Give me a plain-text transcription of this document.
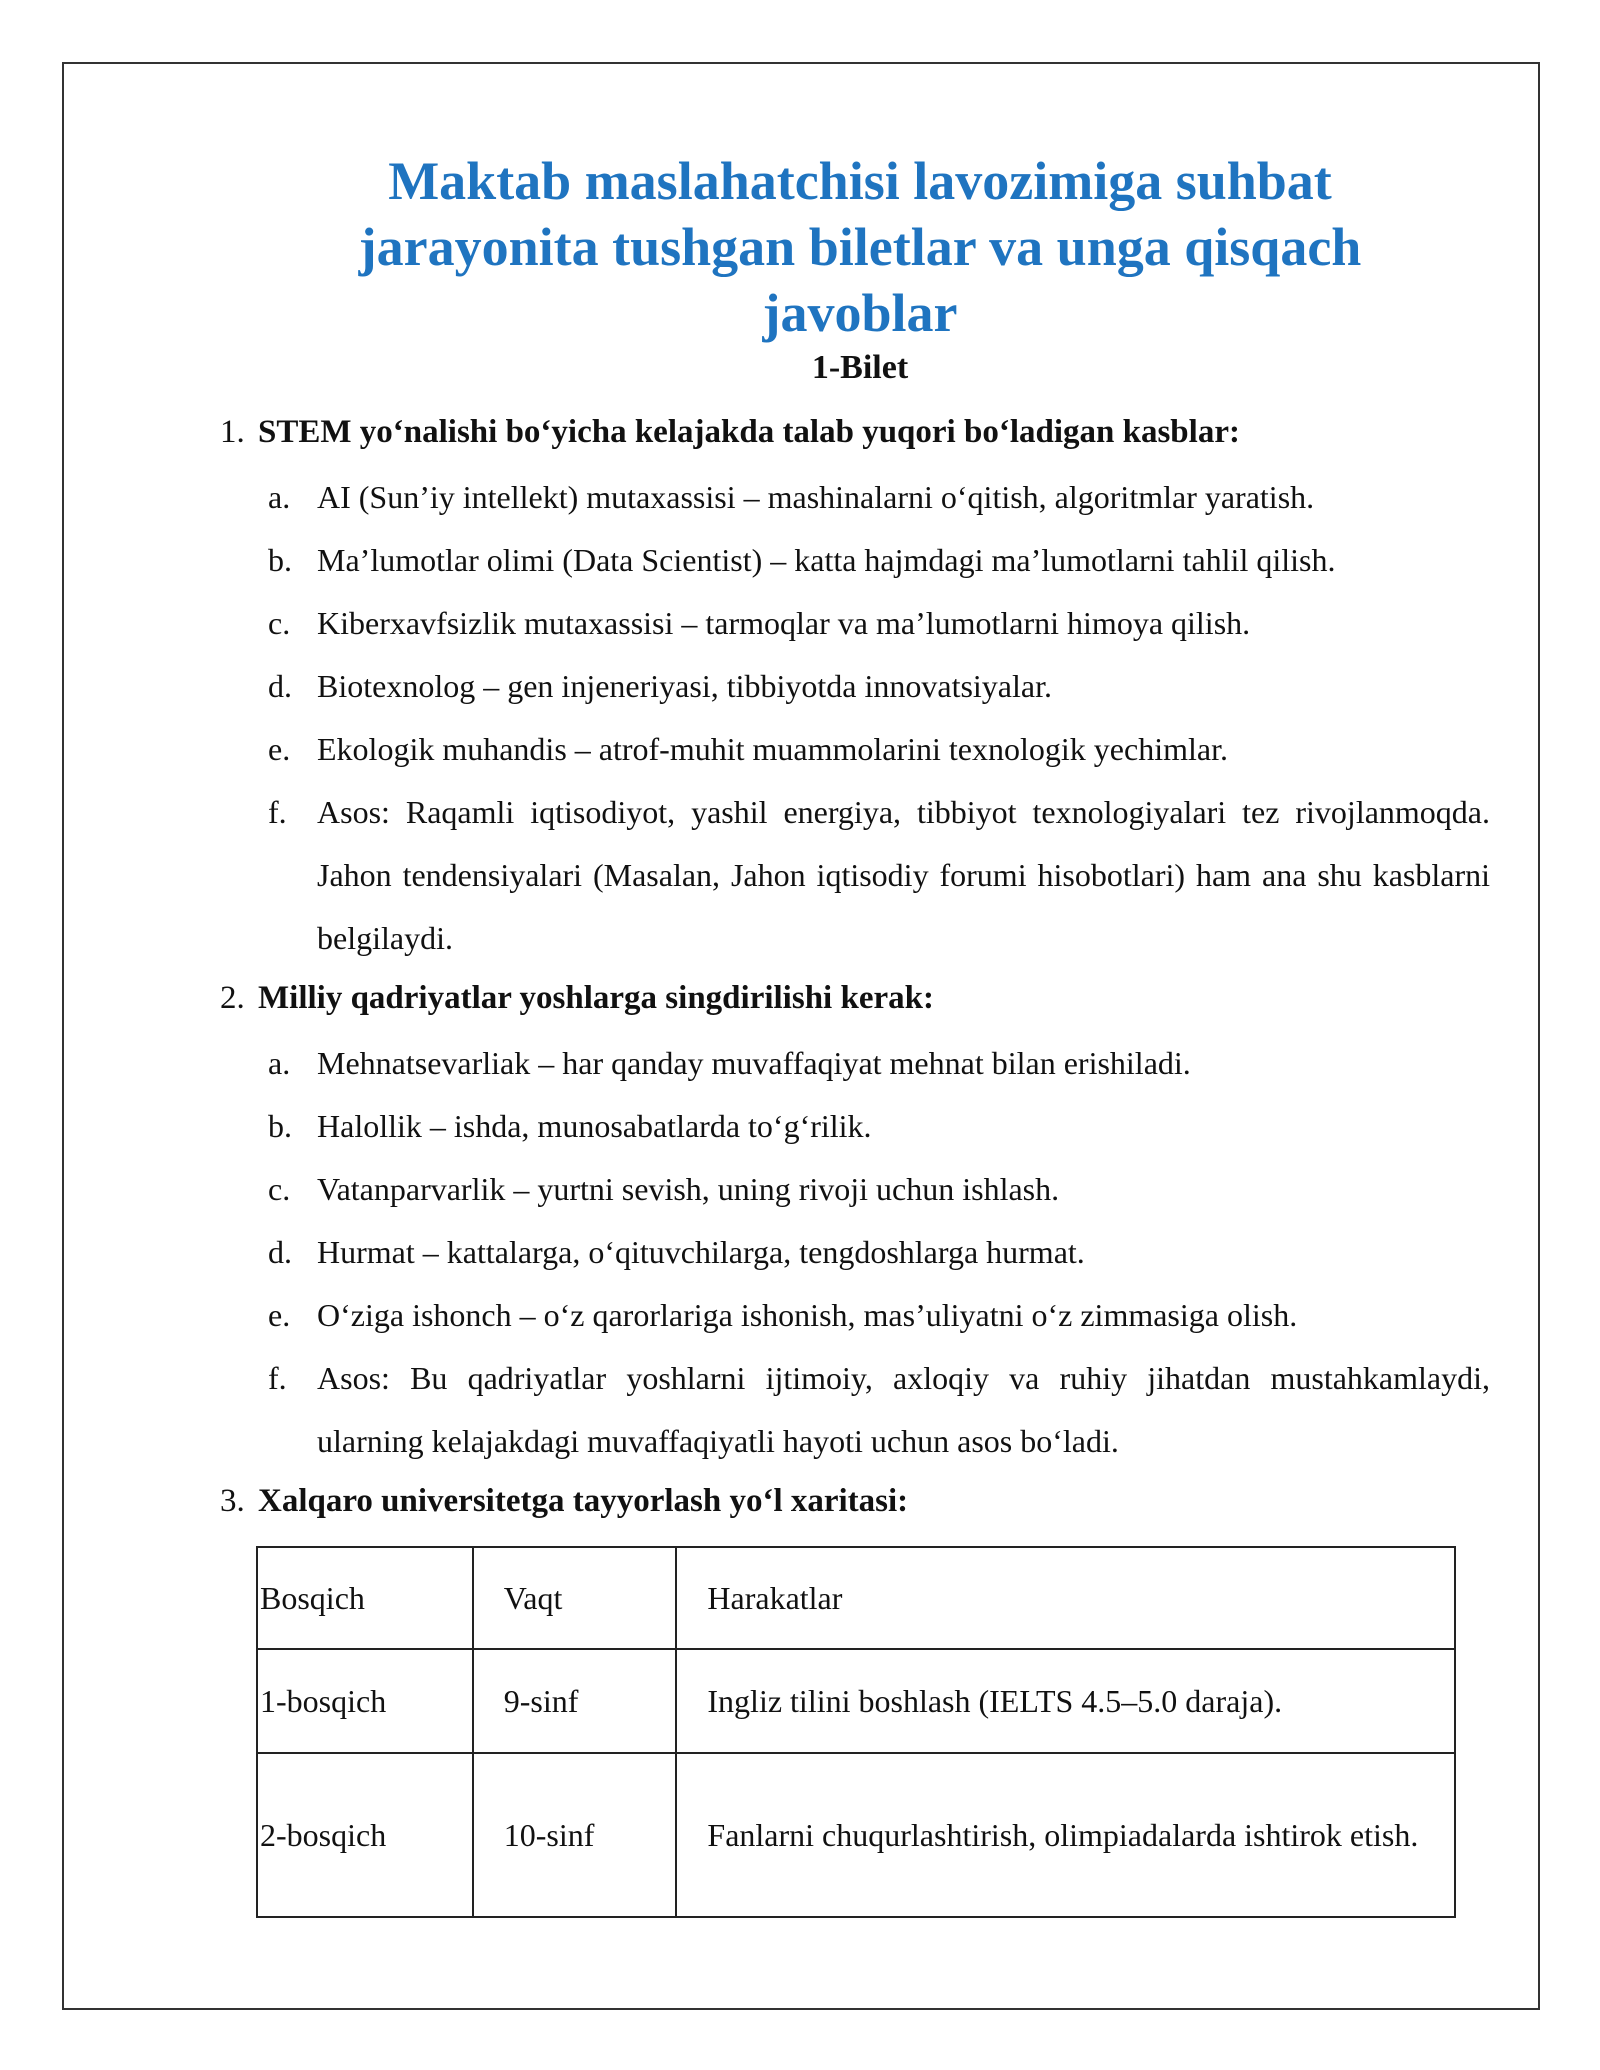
Maktab maslahatchisi lavozimiga suhbat
jarayonita tushgan biletlar va unga qisqach
javoblar
1-Bilet
1. STEM yo‘nalishi bo‘yicha kelajakda talab yuqori bo‘ladigan kasblar:
a. AI (Sun’iy intellekt) mutaxassisi – mashinalarni o‘qitish, algoritmlar yaratish.
b. Ma’lumotlar olimi (Data Scientist) – katta hajmdagi ma’lumotlarni tahlil qilish.
c. Kiberxavfsizlik mutaxassisi – tarmoqlar va ma’lumotlarni himoya qilish.
d. Biotexnolog – gen injeneriyasi, tibbiyotda innovatsiyalar.
e. Ekologik muhandis – atrof-muhit muammolarini texnologik yechimlar.
f. Asos: Raqamli iqtisodiyot, yashil energiya, tibbiyot texnologiyalari tez rivojlanmoqda. Jahon tendensiyalari (Masalan, Jahon iqtisodiy forumi hisobotlari) ham ana shu kasblarni belgilaydi.
2. Milliy qadriyatlar yoshlarga singdirilishi kerak:
a. Mehnatsevarliak – har qanday muvaffaqiyat mehnat bilan erishiladi.
b. Halollik – ishda, munosabatlarda to‘g‘rilik.
c. Vatanparvarlik – yurtni sevish, uning rivoji uchun ishlash.
d. Hurmat – kattalarga, o‘qituvchilarga, tengdoshlarga hurmat.
e. O‘ziga ishonch – o‘z qarorlariga ishonish, mas’uliyatni o‘z zimmasiga olish.
f. Asos: Bu qadriyatlar yoshlarni ijtimoiy, axloqiy va ruhiy jihatdan mustahkamlaydi, ularning kelajakdagi muvaffaqiyatli hayoti uchun asos bo‘ladi.
3. Xalqaro universitetga tayyorlash yo‘l xaritasi:
Bosqich	Vaqt	Harakatlar
1-bosqich	9-sinf	Ingliz tilini boshlash (IELTS 4.5–5.0 daraja).
2-bosqich	10-sinf	Fanlarni chuqurlashtirish, olimpiadalarda ishtirok etish.
